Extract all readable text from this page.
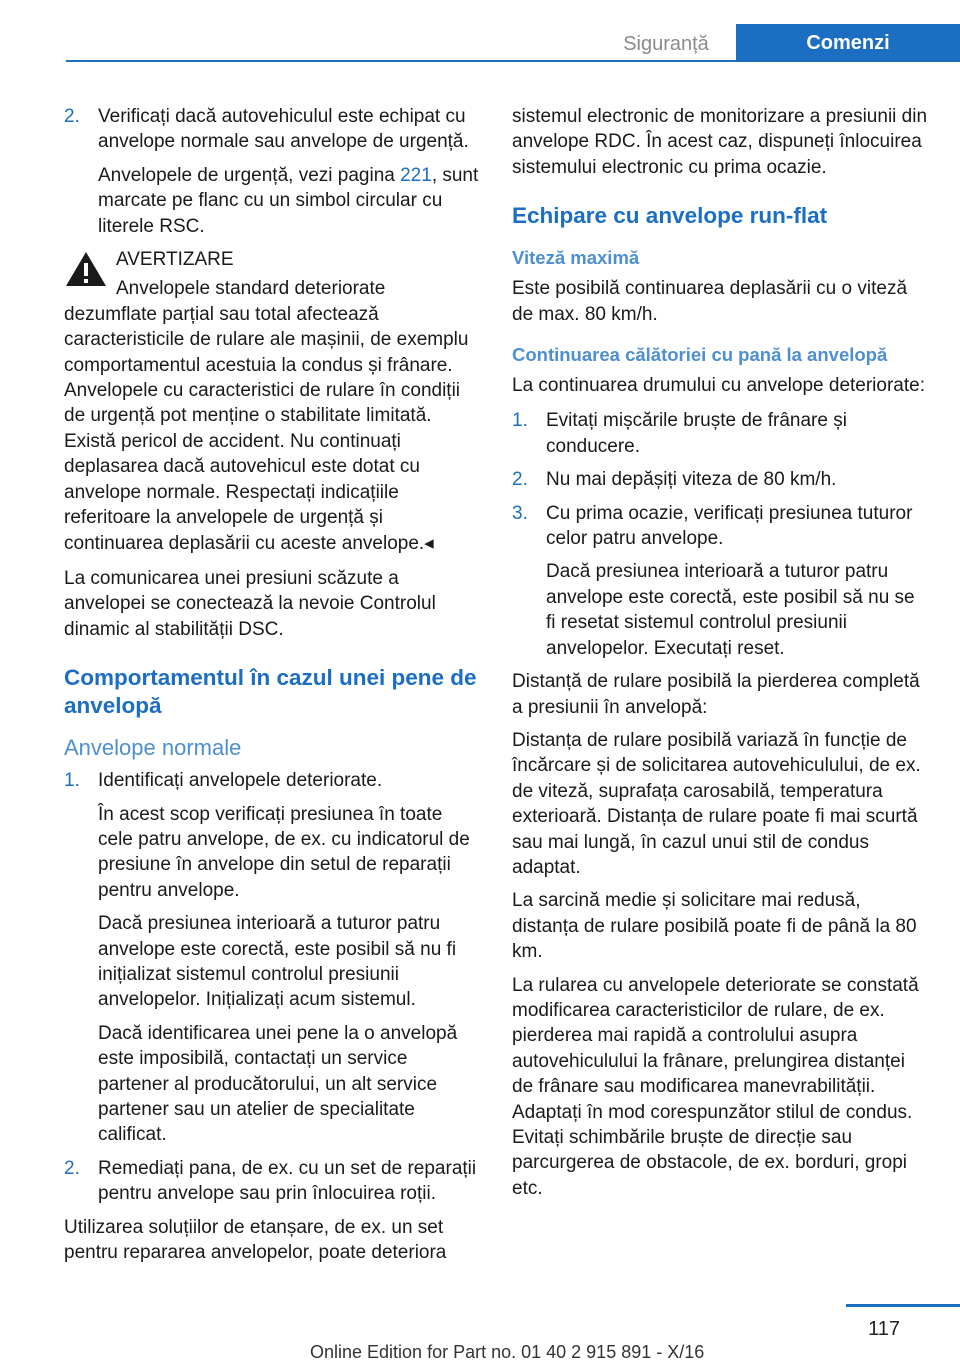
Siguranță	Comenzi
2. Verificați dacă autovehiculul este echipat cu anvelope normale sau anvelope de urgență.

Anvelopele de urgență, vezi pagina 221, sunt marcate pe flanc cu un simbol circular cu literele RSC.

AVERTIZARE

Anvelopele standard deteriorate dezumflate parțial sau total afectează caracteristicile de rulare ale mașinii, de exemplu comportamentul acestuia la condus și frânare. Anvelopele cu caracteristici de rulare în condiții de urgență pot menține o stabilitate limitată. Există pericol de accident. Nu continuați deplasarea dacă autovehicul este dotat cu anvelope normale. Respectați indicațiile referitoare la anvelopele de urgență și continuarea deplasării cu aceste anvelope.◂

La comunicarea unei presiuni scăzute a anvelopei se conectează la nevoie Controlul dinamic al stabilității DSC.

Comportamentul în cazul unei pene de anvelopă
Anvelope normale
1. Identificați anvelopele deteriorate.

În acest scop verificați presiunea în toate cele patru anvelope, de ex. cu indicatorul de presiune în anvelope din setul de reparații pentru anvelope.

Dacă presiunea interioară a tuturor patru anvelope este corectă, este posibil să nu fi inițializat sistemul controlul presiunii anvelopelor. Inițializați acum sistemul.

Dacă identificarea unei pene la o anvelopă este imposibilă, contactați un service partener al producătorului, un alt service partener sau un atelier de specialitate calificat.

2. Remediați pana, de ex. cu un set de reparații pentru anvelope sau prin înlocuirea roții.

Utilizarea soluțiilor de etanșare, de ex. un set pentru repararea anvelopelor, poate deteriora

sistemul electronic de monitorizare a presiunii din anvelope RDC. În acest caz, dispuneți înlocuirea sistemului electronic cu prima ocazie.

Echipare cu anvelope run-flat
Viteză maximă

Este posibilă continuarea deplasării cu o viteză de max. 80 km/h.

Continuarea călătoriei cu pană la anvelopă

La continuarea drumului cu anvelope deteriorate:

1. Evitați mișcările bruște de frânare și conducere.

2. Nu mai depășiți viteza de 80 km/h.

3. Cu prima ocazie, verificați presiunea tuturor celor patru anvelope.

Dacă presiunea interioară a tuturor patru anvelope este corectă, este posibil să nu se fi resetat sistemul controlul presiunii anvelopelor. Executați reset.

Distanță de rulare posibilă la pierderea completă a presiunii în anvelopă:

Distanța de rulare posibilă variază în funcție de încărcare și de solicitarea autovehiculului, de ex. de viteză, suprafața carosabilă, temperatura exterioară. Distanța de rulare poate fi mai scurtă sau mai lungă, în cazul unui stil de condus adaptat.

La sarcină medie și solicitare mai redusă, distanța de rulare posibilă poate fi de până la 80 km.

La rularea cu anvelopele deteriorate se constată modificarea caracteristicilor de rulare, de ex. pierderea mai rapidă a controlului asupra autovehiculului la frânare, prelungirea distanței de frânare sau modificarea manevrabilității. Adaptați în mod corespunzător stilul de condus. Evitați schimbările bruște de direcție sau parcurgerea de obstacole, de ex. borduri, gropi etc.

117
Online Edition for Part no. 01 40 2 915 891 - X/16
